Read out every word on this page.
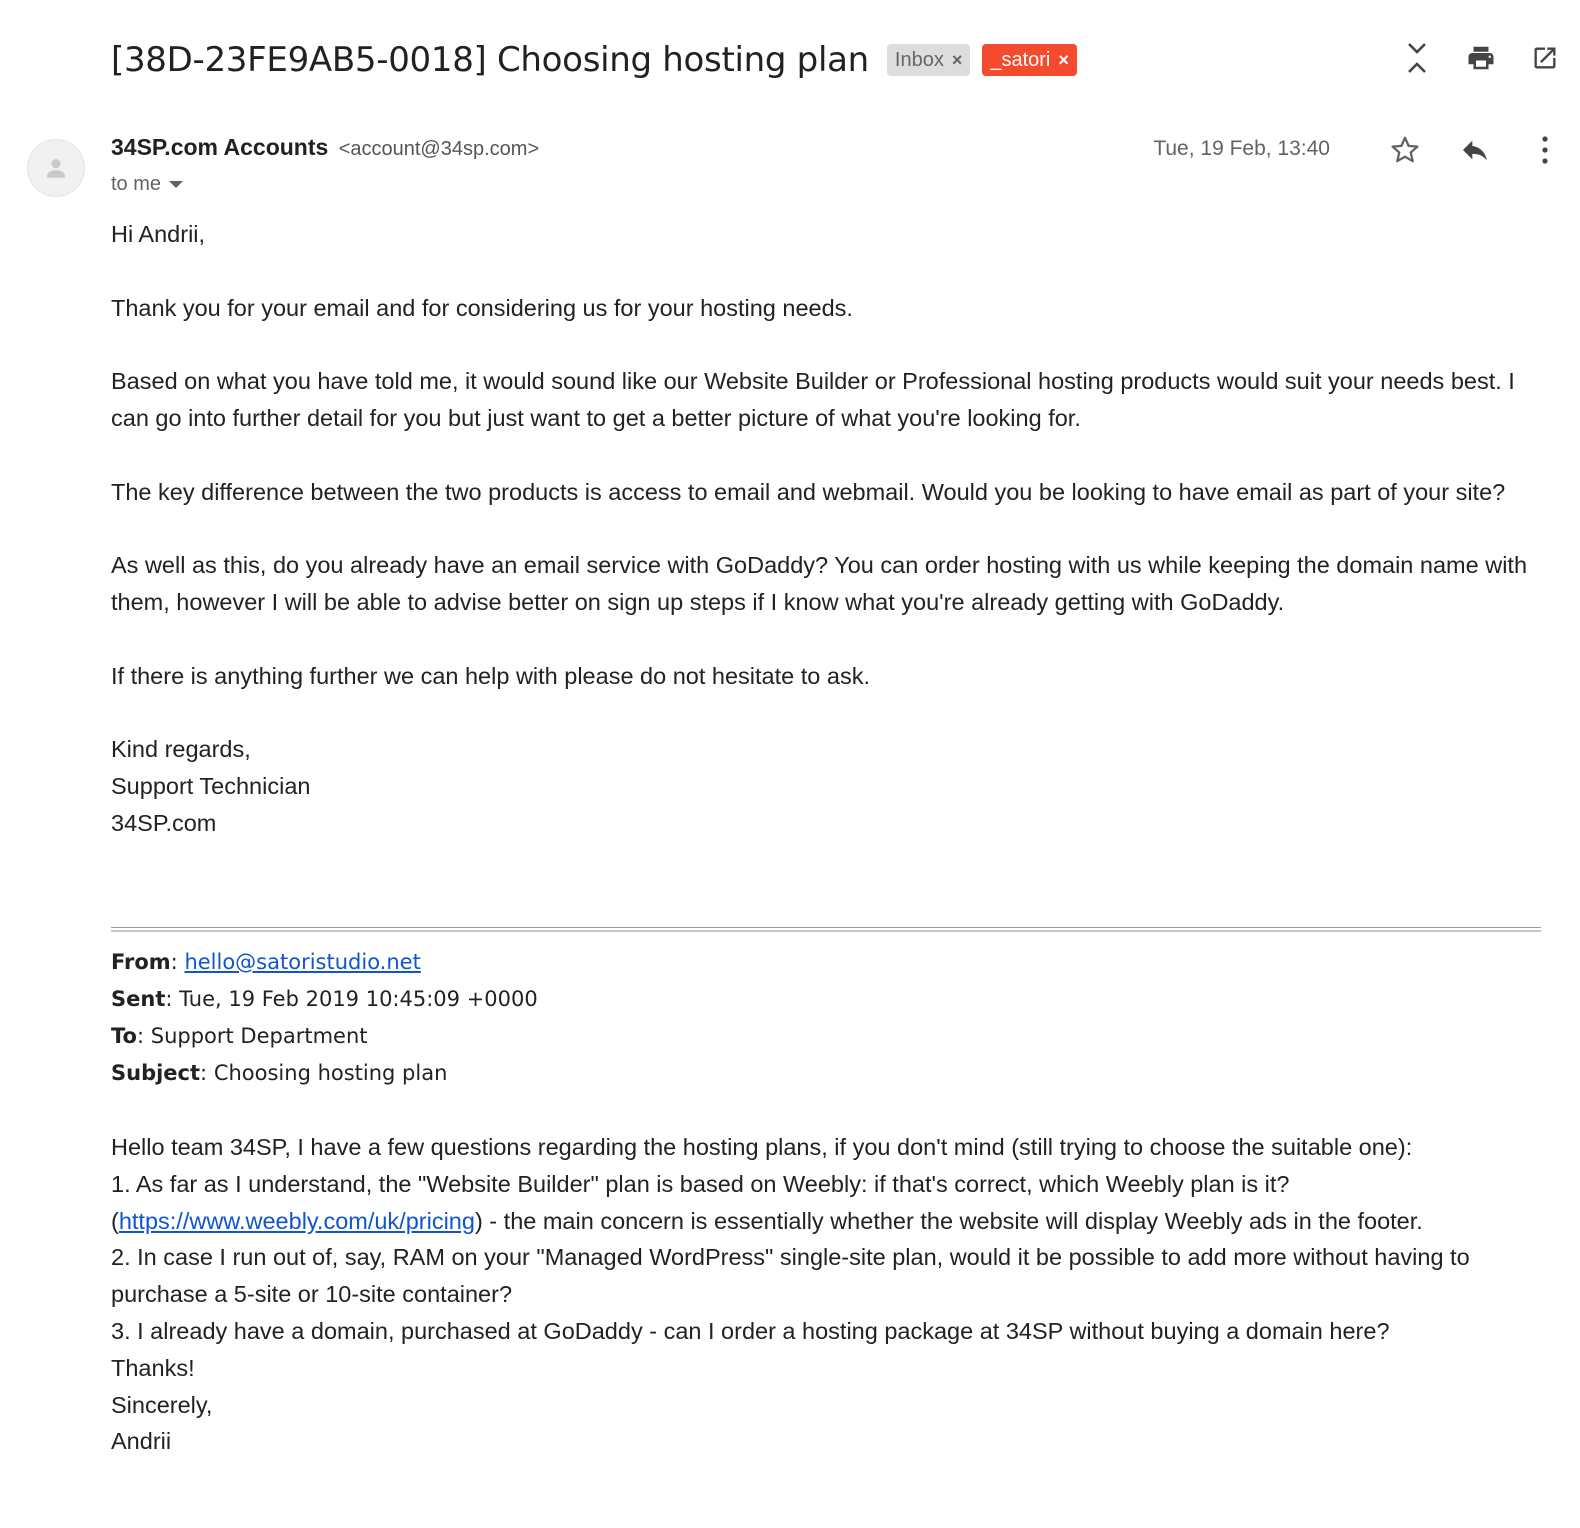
[38D-23FE9AB5-0018] Choosing hosting plan Inbox × _satori ×
34SP.com Accounts <account@34sp.com>
to me
Tue, 19 Feb, 13:40

Hi Andrii,

Thank you for your email and for considering us for your hosting needs.

Based on what you have told me, it would sound like our Website Builder or Professional hosting products would suit your needs best. I can go into further detail for you but just want to get a better picture of what you're looking for.

The key difference between the two products is access to email and webmail. Would you be looking to have email as part of your site?

As well as this, do you already have an email service with GoDaddy? You can order hosting with us while keeping the domain name with them, however I will be able to advise better on sign up steps if I know what you're already getting with GoDaddy.

If there is anything further we can help with please do not hesitate to ask.

Kind regards,
Support Technician
34SP.com

From: hello@satoristudio.net
Sent: Tue, 19 Feb 2019 10:45:09 +0000
To: Support Department
Subject: Choosing hosting plan
Hello team 34SP, I have a few questions regarding the hosting plans, if you don't mind (still trying to choose the suitable one):
1. As far as I understand, the "Website Builder" plan is based on Weebly: if that's correct, which Weebly plan is it?
(https://www.weebly.com/uk/pricing) - the main concern is essentially whether the website will display Weebly ads in the footer.
2. In case I run out of, say, RAM on your "Managed WordPress" single-site plan, would it be possible to add more without having to
purchase a 5-site or 10-site container?
3. I already have a domain, purchased at GoDaddy - can I order a hosting package at 34SP without buying a domain here?
Thanks!
Sincerely,
Andrii
